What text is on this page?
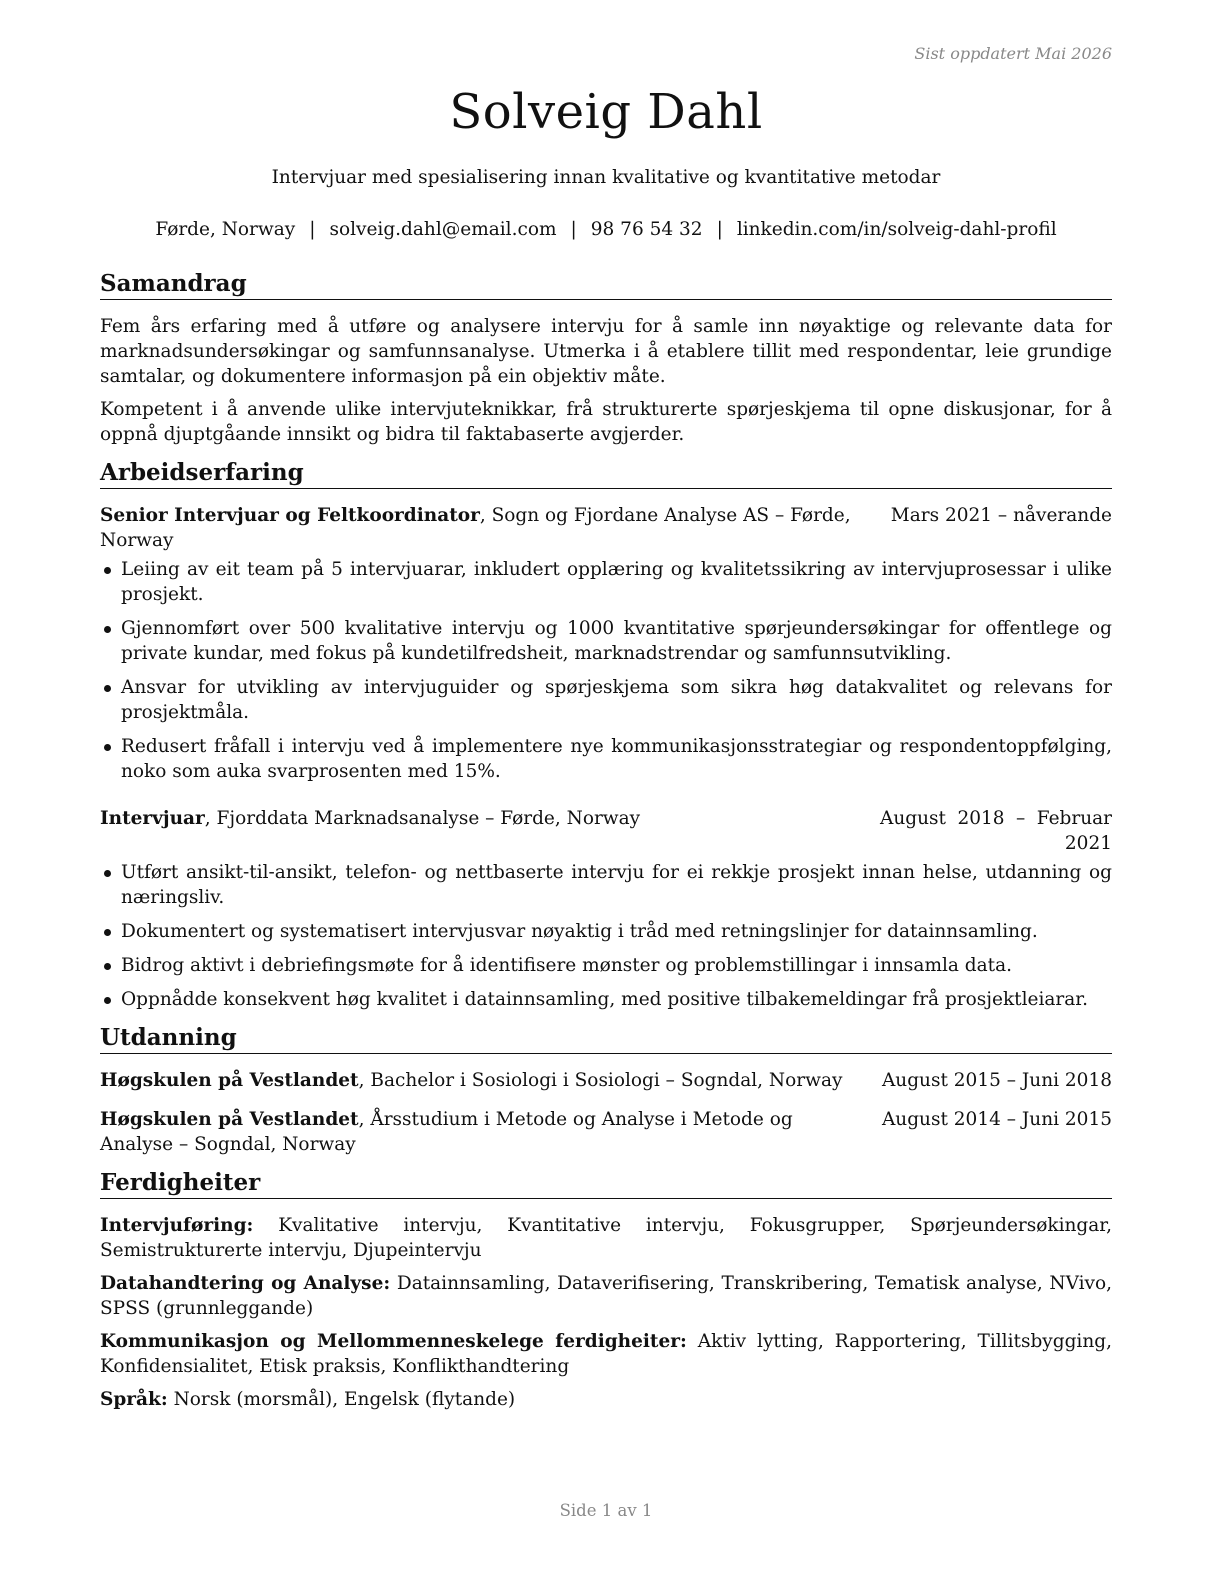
Sist oppdatert Mai 2026
Solveig Dahl
Intervjuar med spesialisering innan kvalitative og kvantitative metodar
Førde, Norway | solveig.dahl@email.com | 98 76 54 32 | linkedin.com/in/solveig-dahl-profil
Samandrag

Fem års erfaring med å utføre og analysere intervju for å samle inn nøyaktige og relevante data for marknadsundersøkingar og samfunnsanalyse. Utmerka i å etablere tillit med respondentar, leie grundige samtalar, og dokumentere informasjon på ein objektiv måte.

Kompetent i å anvende ulike intervjuteknikkar, frå strukturerte spørjeskjema til opne diskusjonar, for å oppnå djuptgåande innsikt og bidra til faktabaserte avgjerder.

Arbeidserfaring
Senior Intervjuar og Feltkoordinator, Sogn og Fjordane Analyse AS – Førde, Norway
Mars 2021 – nåverande
Leiing av eit team på 5 intervjuarar, inkludert opplæring og kvalitetssikring av intervjuprosessar i ulike prosjekt.
Gjennomført over 500 kvalitative intervju og 1000 kvantitative spørjeundersøkingar for offentlege og private kundar, med fokus på kundetilfredsheit, marknadstrendar og samfunnsutvikling.
Ansvar for utvikling av intervjuguider og spørjeskjema som sikra høg datakvalitet og relevans for prosjektmåla.
Redusert fråfall i intervju ved å implementere nye kommunikasjonsstrategiar og respondentoppfølging, noko som auka svarprosenten med 15%.
Intervjuar, Fjorddata Marknadsanalyse – Førde, Norway	August 2018 – Februar 2021
Utført ansikt-til-ansikt, telefon- og nettbaserte intervju for ei rekkje prosjekt innan helse, utdanning og næringsliv.
Dokumentert og systematisert intervjusvar nøyaktig i tråd med retningslinjer for datainnsamling.
Bidrog aktivt i debriefingsmøte for å identifisere mønster og problemstillingar i innsamla data.
Oppnådde konsekvent høg kvalitet i datainnsamling, med positive tilbakemeldingar frå prosjektleiarar.
Utdanning
Høgskulen på Vestlandet, Bachelor i Sosiologi i Sosiologi – Sogndal, Norway	August 2015 – Juni 2018
Høgskulen på Vestlandet, Årsstudium i Metode og Analyse i Metode og Analyse – Sogndal, Norway
August 2014 – Juni 2015
Ferdigheiter

Intervjuføring: Kvalitative intervju, Kvantitative intervju, Fokusgrupper, Spørjeundersøkingar, Semistrukturerte intervju, Djupeintervju

Datahandtering og Analyse: Datainnsamling, Dataverifisering, Transkribering, Tematisk analyse, NVivo, SPSS (grunnleggande)

Kommunikasjon og Mellommenneskelege ferdigheiter: Aktiv lytting, Rapportering, Tillitsbygging, Konfidensialitet, Etisk praksis, Konflikthandtering

Språk: Norsk (morsmål), Engelsk (flytande)

Side 1 av 1
